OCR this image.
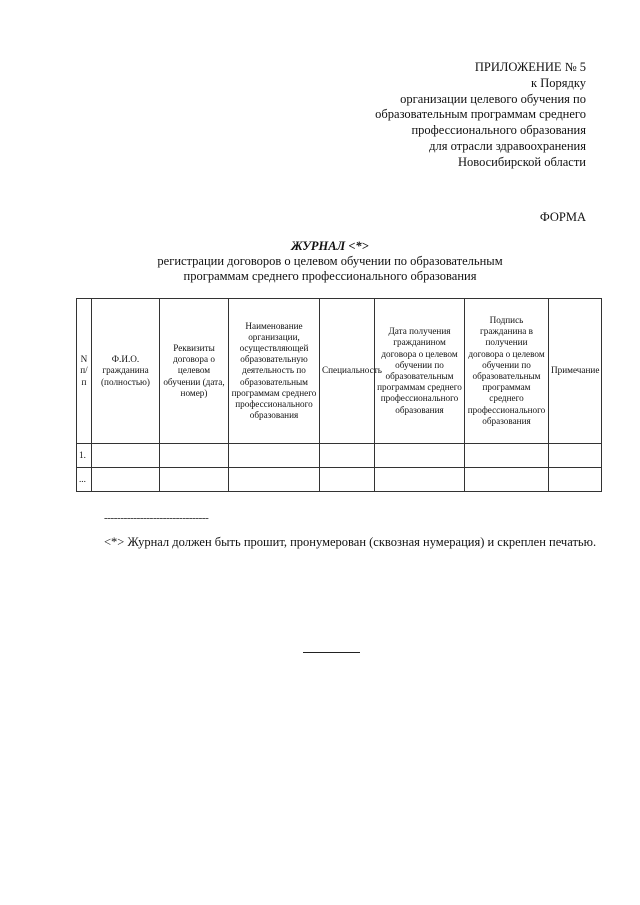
ПРИЛОЖЕНИЕ № 5
к Порядку
организации целевого обучения по
образовательным программам среднего
профессионального образования
для отрасли здравоохранения
Новосибирской области
ФОРМА
ЖУРНАЛ <*>
регистрации договоров о целевом обучении по образовательным
программам среднего профессионального образования
N п/п	Ф.И.О. гражданина (полностью)	Реквизиты договора о целевом обучении (дата, номер)	Наименование организации, осуществляющей образовательную деятельность по образовательным программам среднего профессионального образования	Специальность	Дата получения гражданином договора о целевом обучении по образовательным программам среднего профессионального образования	Подпись гражданина в получении договора о целевом обучении по образовательным программам среднего профессионального образования	Примечание
1.							
...							
--------------------------------
<*> Журнал должен быть прошит, пронумерован (сквозная нумерация) и скреплен печатью.
